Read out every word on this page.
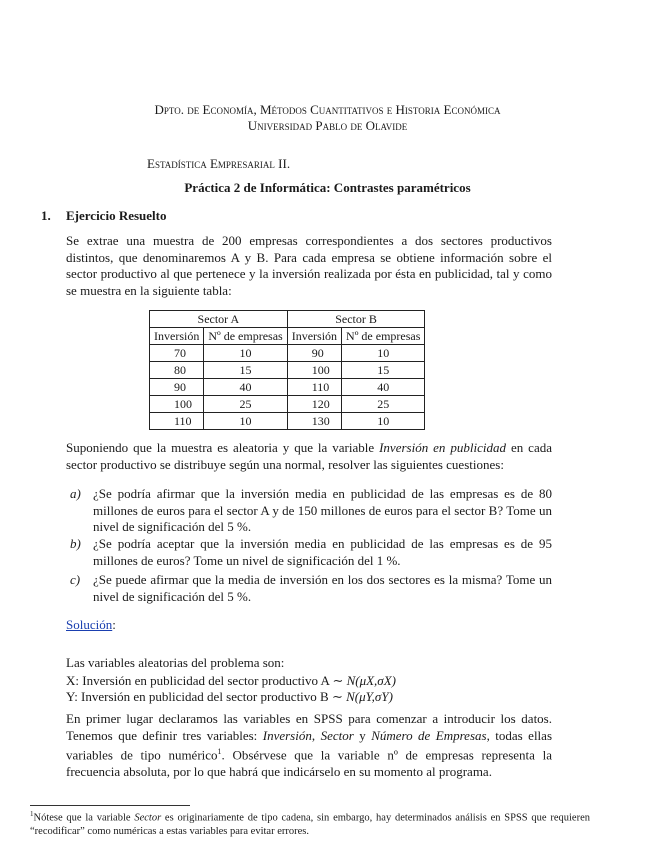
Dpto. de Economía, Métodos Cuantitativos e Historia Económica
Universidad Pablo de Olavide
Estadística Empresarial II.
Práctica 2 de Informática: Contrastes paramétricos
1. Ejercicio Resuelto
Se extrae una muestra de 200 empresas correspondientes a dos sectores productivos distintos, que denominaremos A y B. Para cada empresa se obtiene información sobre el sector productivo al que pertenece y la inversión realizada por ésta en publicidad, tal y como se muestra en la siguiente tabla:
Sector A		Sector B	
Inversión	Nº de empresas	Inversión	Nº de empresas
70	10	90	10
80	15	100	15
90	40	110	40
100	25	120	25
110	10	130	10
Suponiendo que la muestra es aleatoria y que la variable Inversión en publicidad en cada sector productivo se distribuye según una normal, resolver las siguientes cuestiones:
a) ¿Se podría afirmar que la inversión media en publicidad de las empresas es de 80 millones de euros para el sector A y de 150 millones de euros para el sector B? Tome un nivel de significación del 5 %.
b) ¿Se podría aceptar que la inversión media en publicidad de las empresas es de 95 millones de euros? Tome un nivel de significación del 1 %.
c) ¿Se puede afirmar que la media de inversión en los dos sectores es la misma? Tome un nivel de significación del 5 %.
Solución:
Las variables aleatorias del problema son:
X: Inversión en publicidad del sector productivo A ∼ N(μX,σX)
Y: Inversión en publicidad del sector productivo B ∼ N(μY,σY)
En primer lugar declaramos las variables en SPSS para comenzar a introducir los datos. Tenemos que definir tres variables: Inversión, Sector y Número de Empresas, todas ellas variables de tipo numérico$^1$. Obsérvese que la variable nº de empresas representa la frecuencia absoluta, por lo que habrá que indicárselo en su momento al programa.
$^1$Nótese que la variable Sector es originariamente de tipo cadena, sin embargo, hay determinados análisis en SPSS que requieren “recodificar” como numéricas a estas variables para evitar errores.
